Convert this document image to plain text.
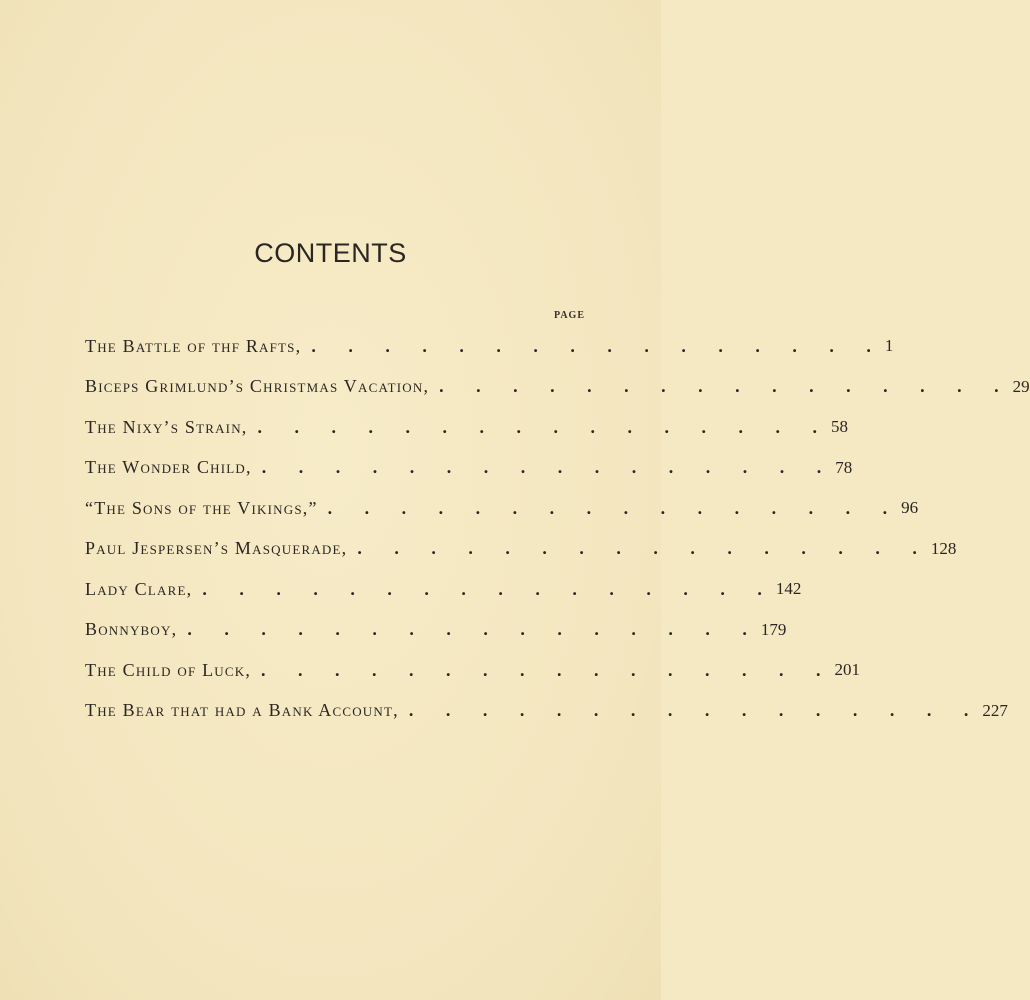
CONTENTS
PAGE
The Battle of thf Rafts, . . . . . . . . . . . . . . . . 1
Biceps Grimlund’s Christmas Vacation, . . . . . . . . . . . . . . . . 29
The Nixy’s Strain, . . . . . . . . . . . . . . . . 58
The Wonder Child, . . . . . . . . . . . . . . . . 78
“The Sons of the Vikings,” . . . . . . . . . . . . . . . . 96
Paul Jespersen’s Masquerade, . . . . . . . . . . . . . . . . 128
Lady Clare, . . . . . . . . . . . . . . . . 142
Bonnyboy, . . . . . . . . . . . . . . . . 179
The Child of Luck, . . . . . . . . . . . . . . . . 201
The Bear that had a Bank Account, . . . . . . . . . . . . . . . . 227
